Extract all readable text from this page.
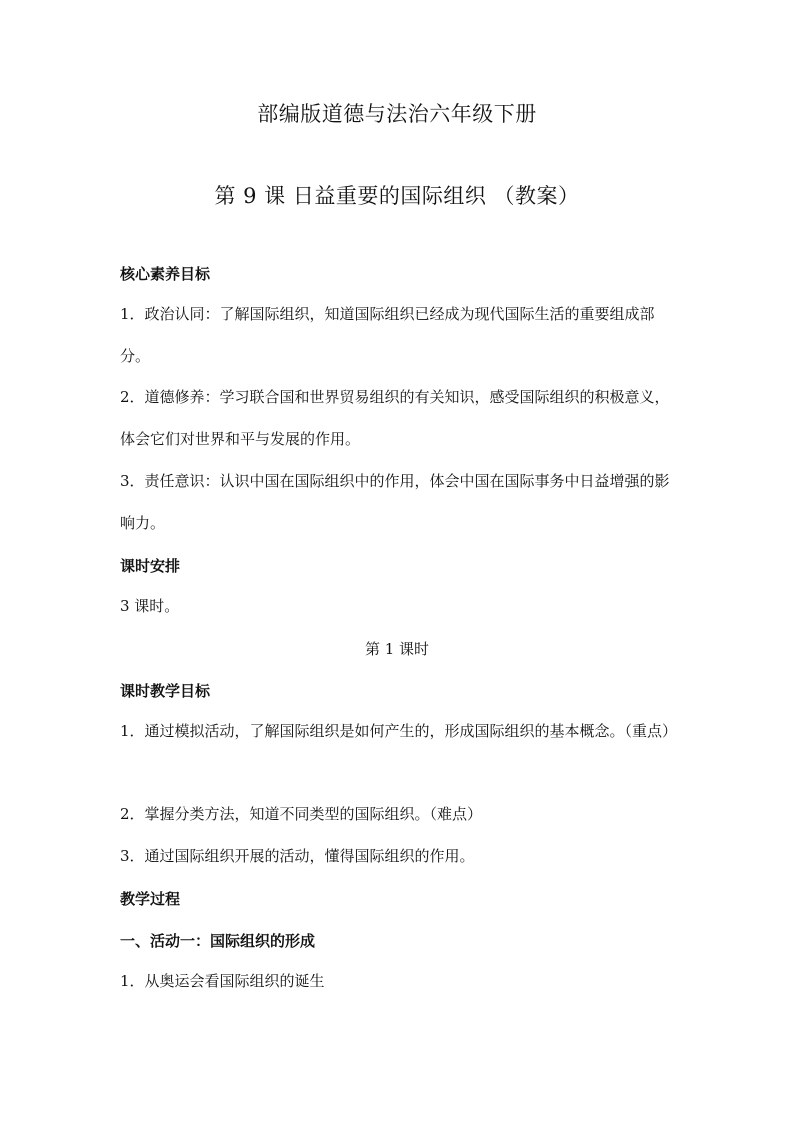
部编版道德与法治六年级下册
第 9 课 日益重要的国际组织 （教案）
核心素养目标
1．政治认同：了解国际组织，知道国际组织已经成为现代国际生活的重要组成部分。
2．道德修养：学习联合国和世界贸易组织的有关知识，感受国际组织的积极意义，体会它们对世界和平与发展的作用。
3．责任意识：认识中国在国际组织中的作用，体会中国在国际事务中日益增强的影响力。
课时安排
3 课时。
第 1 课时
课时教学目标
1．通过模拟活动，了解国际组织是如何产生的，形成国际组织的基本概念。（重点）
2．掌握分类方法，知道不同类型的国际组织。（难点）
3．通过国际组织开展的活动，懂得国际组织的作用。
教学过程
一、活动一：国际组织的形成
1．从奥运会看国际组织的诞生
